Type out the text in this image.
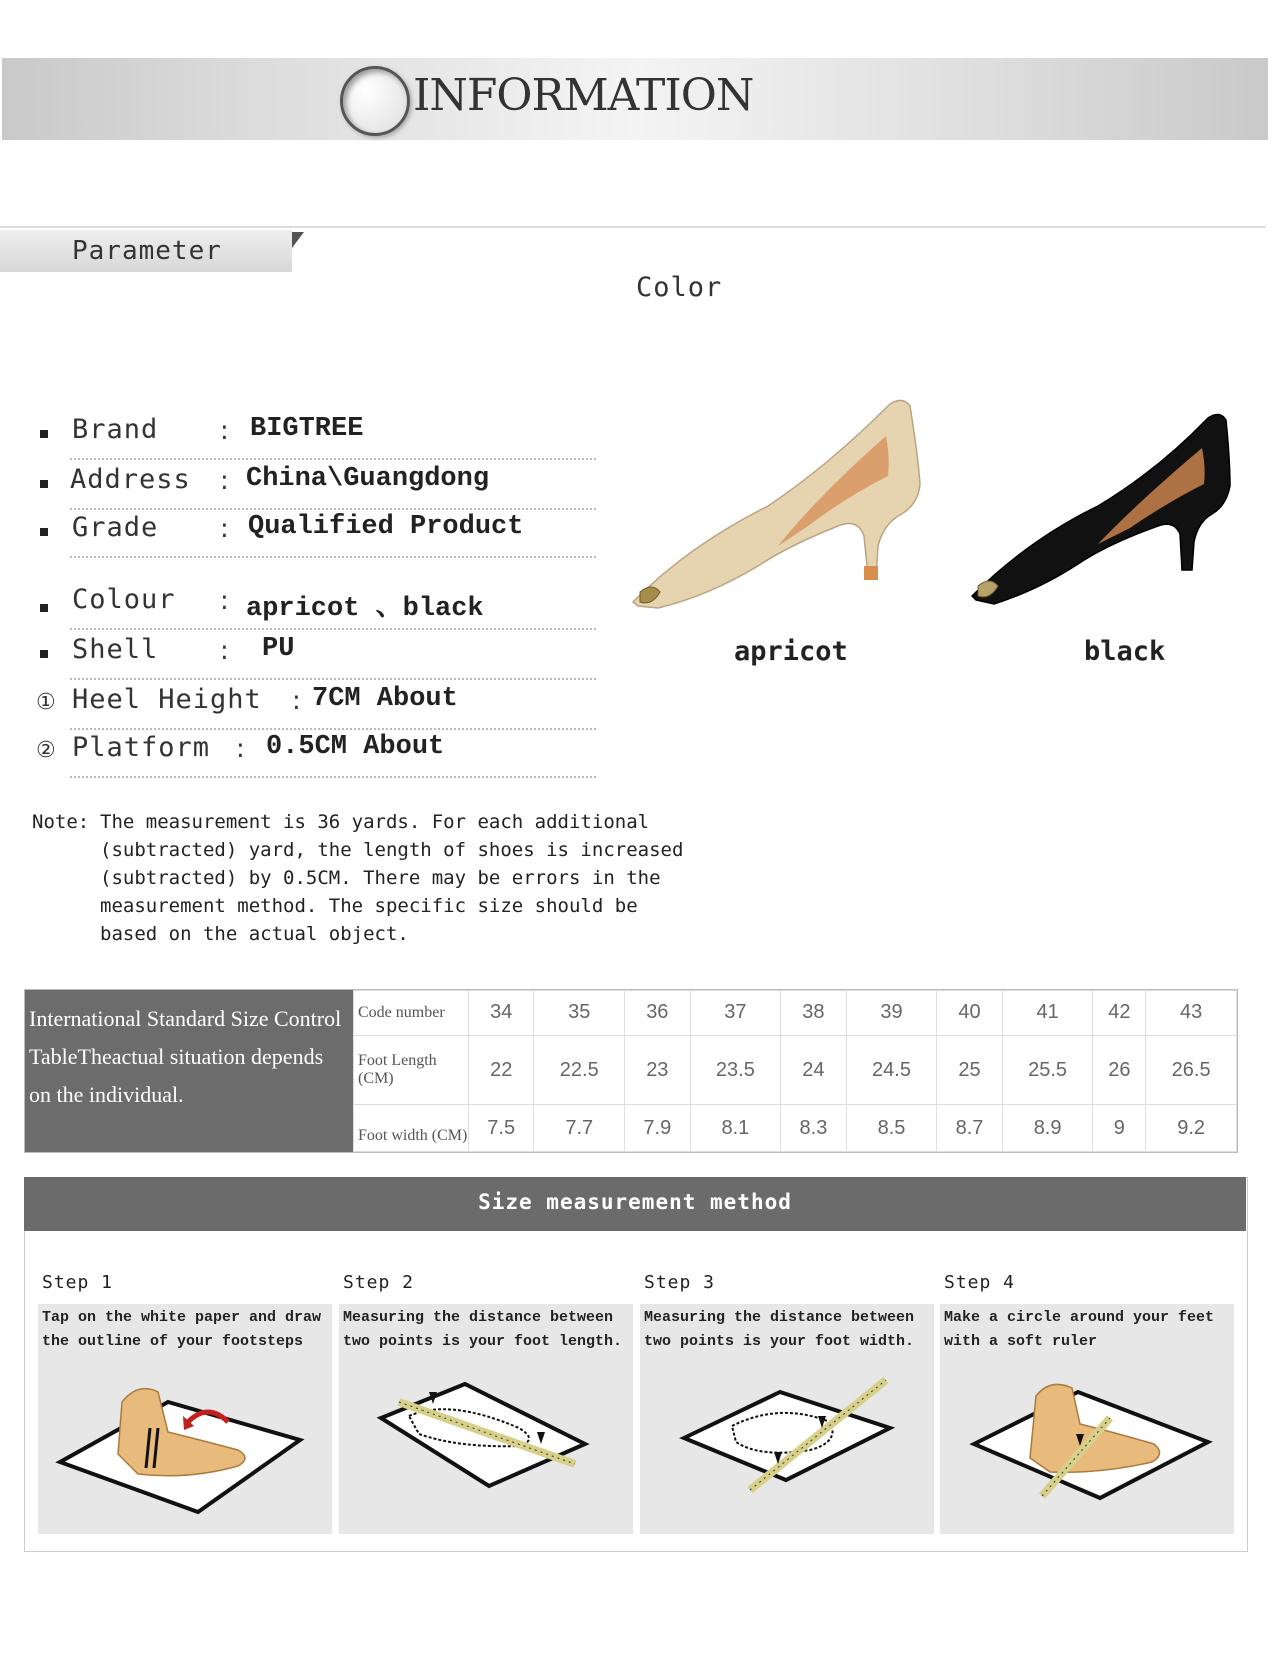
INFORMATION
Parameter
Color
Brand : BIGTREE
Address : China\Guangdong
Grade : Qualified Product
Colour : apricot 、black
Shell : PU
① Heel Height : 7CM About
② Platform : 0.5CM About
apricot	black
Note: The measurement is 36 yards. For each additional (subtracted) yard, the length of shoes is increased (subtracted) by 0.5CM. There may be errors in the measurement method. The specific size should be based on the actual object.
International Standard Size Control TableTheactual situation depends on the individual.
Code number	34	35	36	37	38	39	40	41	42	43
Foot Length (CM)	22	22.5	23	23.5	24	24.5	25	25.5	26	26.5
Foot width (CM)	7.5	7.7	7.9	8.1	8.3	8.5	8.7	8.9	9	9.2
Size measurement method
Step 1
Tap on the white paper and draw the outline of your footsteps
Step 2
Measuring the distance between two points is your foot length.
Step 3
Measuring the distance between two points is your foot width.
Step 4
Make a circle around your feet with a soft ruler
